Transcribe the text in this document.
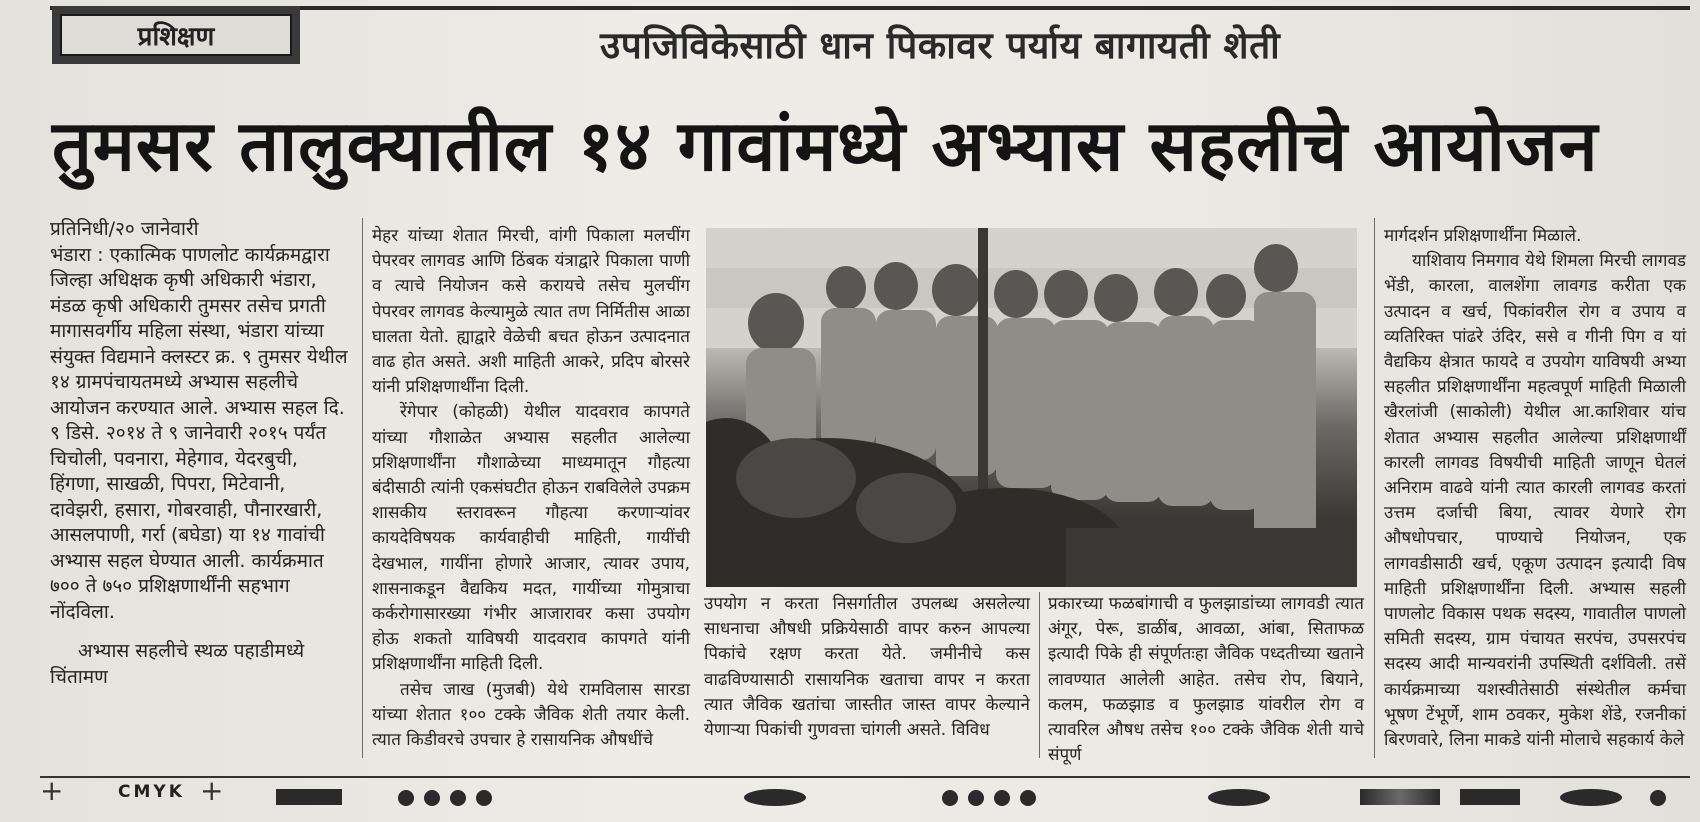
प्रशिक्षण	उपजिविकेसाठी धान पिकावर पर्याय बागायती शेती
तुमसर तालुक्यातील १४ गावांमध्ये अभ्यास सहलीचे आयोजन

प्रतिनिधी/२० जानेवारी

भंडारा : एकात्मिक पाणलोट कार्यक्रमद्वारा जिल्हा अधिक्षक कृषी अधिकारी भंडारा, मंडळ कृषी अधिकारी तुमसर तसेच प्रगती मागासवर्गीय महिला संस्था, भंडारा यांच्या संयुक्त विद्यमाने क्लस्टर क्र. ९ तुमसर येथील १४ ग्रामपंचायतमध्ये अभ्यास सहलीचे आयोजन करण्यात आले. अभ्यास सहल दि. ९ डिसे. २०१४ ते ९ जानेवारी २०१५ पर्यंत चिचोली, पवनारा, मेहेगाव, येदरबुची, हिंगणा, साखळी, पिपरा, मिटेवानी, दावेझरी, हसारा, गोबरवाही, पौनारखारी, आसलपाणी, गर्रा (बघेडा) या १४ गावांची अभ्यास सहल घेण्यात आली. कार्यक्रमात ७०० ते ७५० प्रशिक्षणार्थींनी सहभाग नोंदविला.

अभ्यास सहलीचे स्थळ पहाडीमध्ये चिंतामण

मेहर यांच्या शेतात मिरची, वांगी पिकाला मलचींग पेपरवर लागवड आणि ठिंबक यंत्राद्वारे पिकाला पाणी व त्याचे नियोजन कसे करायचे तसेच मुलचींग पेपरवर लागवड केल्यामुळे त्यात तण निर्मितीस आळा घालता येतो. ह्याद्वारे वेळेची बचत होऊन उत्पादनात वाढ होत असते. अशी माहिती आकरे, प्रदिप बोरसरे यांनी प्रशिक्षणार्थींना दिली.

रेंगेपार (कोहळी) येथील यादवराव कापगते यांच्या गौशाळेत अभ्यास सहलीत आलेल्या प्रशिक्षणार्थींना गौशाळेच्या माध्यमातून गौहत्या बंदीसाठी त्यांनी एकसंघटीत होऊन राबविलेले उपक्रम शासकीय स्तरावरून गौहत्या करणाऱ्यांवर कायदेविषयक कार्यवाहीची माहिती, गायींची देखभाल, गायींना होणारे आजार, त्यावर उपाय, शासनाकडून वैद्यकिय मदत, गायींच्या गोमुत्राचा कर्करोगासारख्या गंभीर आजारावर कसा उपयोग होऊ शकतो याविषयी यादवराव कापगते यांनी प्रशिक्षणार्थींना माहिती दिली.

तसेच जाख (मुजबी) येथे रामविलास सारडा यांच्या शेतात १०० टक्के जैविक शेती तयार केली. त्यात किडीवरचे उपचार हे रासायनिक औषधींचे

उपयोग न करता निसर्गातील उपलब्ध असलेल्या साधनाचा औषधी प्रक्रियेसाठी वापर करुन आपल्या पिकांचे रक्षण करता येते. जमीनीचे कस वाढविण्यासाठी रासायनिक खताचा वापर न करता त्यात जैविक खतांचा जास्तीत जास्त वापर केल्याने येणाऱ्या पिकांची गुणवत्ता चांगली असते. विविध

प्रकारच्या फळबांगाची व फुलझाडांच्या लागवडी त्यात अंगूर, पेरू, डाळींब, आवळा, आंबा, सिताफळ इत्यादी पिके ही संपूर्णतःहा जैविक पध्दतीच्या खताने लावण्यात आलेली आहेत. तसेच रोप, बियाने, कलम, फळझाड व फुलझाड यांवरील रोग व त्यावरिल औषध तसेच १०० टक्के जैविक शेती याचे संपूर्ण

मार्गदर्शन प्रशिक्षणार्थींना मिळाले.

याशिवाय निमगाव येथे शिमला मिरची लागवड भेंडी, कारला, वालशेंगा लावगड करीता एक उत्पादन व खर्च, पिकांवरील रोग व उपाय व व्यतिरिक्त पांढरे उंदिर, ससे व गीनी पिग व यां वैद्यकिय क्षेत्रात फायदे व उपयोग याविषयी अभ्या सहलीत प्रशिक्षणार्थींना महत्वपूर्ण माहिती मिळाली खैरलांजी (साकोली) येथील आ.काशिवार यांच शेतात अभ्यास सहलीत आलेल्या प्रशिक्षणार्थीं कारली लागवड विषयीची माहिती जाणून घेतलं अनिराम वाढवे यांनी त्यात कारली लागवड करतां उत्तम दर्जाची बिया, त्यावर येणारे रोग औषधोपचार, पाण्याचे नियोजन, एक लागवडीसाठी खर्च, एकूण उत्पादन इत्यादी विष माहिती प्रशिक्षणार्थींना दिली. अभ्यास सहली पाणलोट विकास पथक सदस्य, गावातील पाणलो समिती सदस्य, ग्राम पंचायत सरपंच, उपसरपंच सदस्य आदी मान्यवरांनी उपस्थिती दर्शविली. तसें कार्यक्रमाच्या यशस्वीतेसाठी संस्थेतील कर्मचा भूषण टेंभूर्णे, शाम ठवकर, मुकेश शेंडे, रजनीकां बिरणवारे, लिना माकडे यांनी मोलाचे सहकार्य केले

+	CMYK +
